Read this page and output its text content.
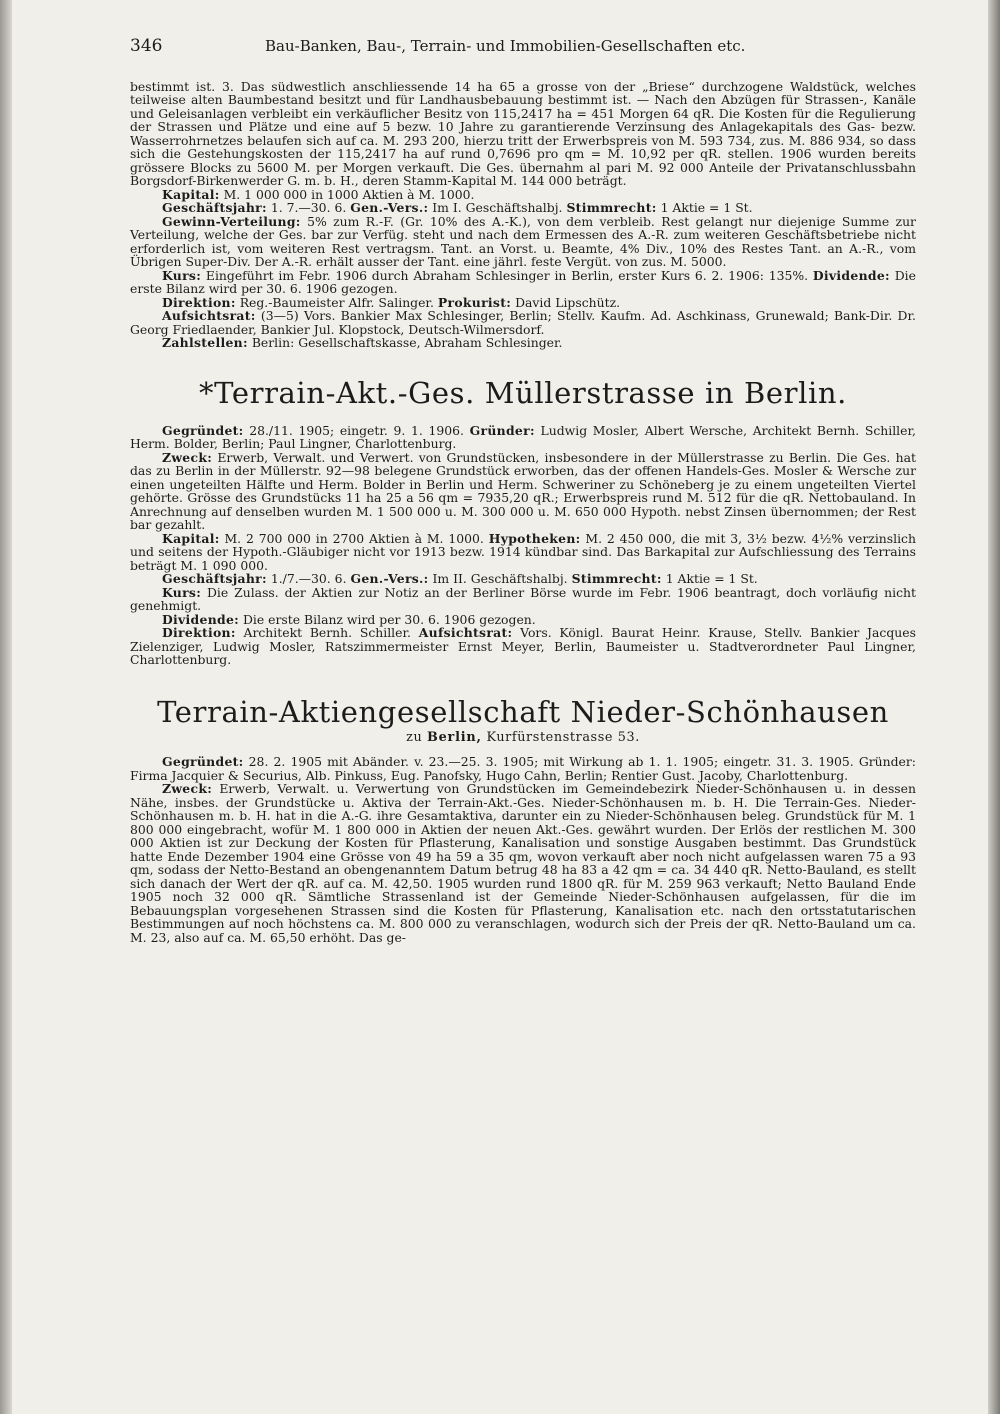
346	Bau-Banken, Bau-, Terrain- und Immobilien-Gesellschaften etc.

bestimmt ist. 3. Das südwestlich anschliessende 14 ha 65 a grosse von der „Briese“ durchzogene Waldstück, welches teilweise alten Baumbestand besitzt und für Landhausbebauung bestimmt ist. — Nach den Abzügen für Strassen-, Kanäle und Geleisanlagen verbleibt ein verkäuflicher Besitz von 115,2417 ha = 451 Morgen 64 qR. Die Kosten für die Regulierung der Strassen und Plätze und eine auf 5 bezw. 10 Jahre zu garantierende Verzinsung des Anlagekapitals des Gas- bezw. Wasserrohrnetzes belaufen sich auf ca. M. 293 200, hierzu tritt der Erwerbspreis von M. 593 734, zus. M. 886 934, so dass sich die Gestehungskosten der 115,2417 ha auf rund 0,7696 pro qm = M. 10,92 per qR. stellen. 1906 wurden bereits grössere Blocks zu 5600 M. per Morgen verkauft. Die Ges. übernahm al pari M. 92 000 Anteile der Privatanschlussbahn Borgsdorf-Birkenwerder G. m. b. H., deren Stamm-Kapital M. 144 000 beträgt.

Kapital: M. 1 000 000 in 1000 Aktien à M. 1000.

Geschäftsjahr: 1. 7.—30. 6. Gen.-Vers.: Im I. Geschäftshalbj. Stimmrecht: 1 Aktie = 1 St.

Gewinn-Verteilung: 5% zum R.-F. (Gr. 10% des A.-K.), von dem verbleib. Rest gelangt nur diejenige Summe zur Verteilung, welche der Ges. bar zur Verfüg. steht und nach dem Ermessen des A.-R. zum weiteren Geschäftsbetriebe nicht erforderlich ist, vom weiteren Rest vertragsm. Tant. an Vorst. u. Beamte, 4% Div., 10% des Restes Tant. an A.-R., vom Übrigen Super-Div. Der A.-R. erhält ausser der Tant. eine jährl. feste Vergüt. von zus. M. 5000.

Kurs: Eingeführt im Febr. 1906 durch Abraham Schlesinger in Berlin, erster Kurs 6. 2. 1906: 135%. Dividende: Die erste Bilanz wird per 30. 6. 1906 gezogen.

Direktion: Reg.-Baumeister Alfr. Salinger. Prokurist: David Lipschütz.

Aufsichtsrat: (3—5) Vors. Bankier Max Schlesinger, Berlin; Stellv. Kaufm. Ad. Aschkinass, Grunewald; Bank-Dir. Dr. Georg Friedlaender, Bankier Jul. Klopstock, Deutsch-Wilmersdorf.

Zahlstellen: Berlin: Gesellschaftskasse, Abraham Schlesinger.

*Terrain-Akt.-Ges. Müllerstrasse in Berlin.

Gegründet: 28./11. 1905; eingetr. 9. 1. 1906. Gründer: Ludwig Mosler, Albert Wersche, Architekt Bernh. Schiller, Herm. Bolder, Berlin; Paul Lingner, Charlottenburg.

Zweck: Erwerb, Verwalt. und Verwert. von Grundstücken, insbesondere in der Müllerstrasse zu Berlin. Die Ges. hat das zu Berlin in der Müllerstr. 92—98 belegene Grundstück erworben, das der offenen Handels-Ges. Mosler & Wersche zur einen ungeteilten Hälfte und Herm. Bolder in Berlin und Herm. Schweriner zu Schöneberg je zu einem ungeteilten Viertel gehörte. Grösse des Grundstücks 11 ha 25 a 56 qm = 7935,20 qR.; Erwerbspreis rund M. 512 für die qR. Nettobauland. In Anrechnung auf denselben wurden M. 1 500 000 u. M. 300 000 u. M. 650 000 Hypoth. nebst Zinsen übernommen; der Rest bar gezahlt.

Kapital: M. 2 700 000 in 2700 Aktien à M. 1000. Hypotheken: M. 2 450 000, die mit 3, 3½ bezw. 4½% verzinslich und seitens der Hypoth.-Gläubiger nicht vor 1913 bezw. 1914 kündbar sind. Das Barkapital zur Aufschliessung des Terrains beträgt M. 1 090 000.

Geschäftsjahr: 1./7.—30. 6. Gen.-Vers.: Im II. Geschäftshalbj. Stimmrecht: 1 Aktie = 1 St.

Kurs: Die Zulass. der Aktien zur Notiz an der Berliner Börse wurde im Febr. 1906 beantragt, doch vorläufig nicht genehmigt.

Dividende: Die erste Bilanz wird per 30. 6. 1906 gezogen.

Direktion: Architekt Bernh. Schiller. Aufsichtsrat: Vors. Königl. Baurat Heinr. Krause, Stellv. Bankier Jacques Zielenziger, Ludwig Mosler, Ratszimmermeister Ernst Meyer, Berlin, Baumeister u. Stadtverordneter Paul Lingner, Charlottenburg.

Terrain-Aktiengesellschaft Nieder-Schönhausen
zu Berlin, Kurfürstenstrasse 53.

Gegründet: 28. 2. 1905 mit Abänder. v. 23.—25. 3. 1905; mit Wirkung ab 1. 1. 1905; eingetr. 31. 3. 1905. Gründer: Firma Jacquier & Securius, Alb. Pinkuss, Eug. Panofsky, Hugo Cahn, Berlin; Rentier Gust. Jacoby, Charlottenburg.

Zweck: Erwerb, Verwalt. u. Verwertung von Grundstücken im Gemeindebezirk Nieder-Schönhausen u. in dessen Nähe, insbes. der Grundstücke u. Aktiva der Terrain-Akt.-Ges. Nieder-Schönhausen m. b. H. Die Terrain-Ges. Nieder-Schönhausen m. b. H. hat in die A.-G. ihre Gesamtaktiva, darunter ein zu Nieder-Schönhausen beleg. Grundstück für M. 1 800 000 eingebracht, wofür M. 1 800 000 in Aktien der neuen Akt.-Ges. gewährt wurden. Der Erlös der restlichen M. 300 000 Aktien ist zur Deckung der Kosten für Pflasterung, Kanalisation und sonstige Ausgaben bestimmt. Das Grundstück hatte Ende Dezember 1904 eine Grösse von 49 ha 59 a 35 qm, wovon verkauft aber noch nicht aufgelassen waren 75 a 93 qm, sodass der Netto-Bestand an obengenanntem Datum betrug 48 ha 83 a 42 qm = ca. 34 440 qR. Netto-Bauland, es stellt sich danach der Wert der qR. auf ca. M. 42,50. 1905 wurden rund 1800 qR. für M. 259 963 verkauft; Netto Bauland Ende 1905 noch 32 000 qR. Sämtliche Strassenland ist der Gemeinde Nieder-Schönhausen aufgelassen, für die im Bebauungsplan vorgesehenen Strassen sind die Kosten für Pflasterung, Kanalisation etc. nach den ortsstatutarischen Bestimmungen auf noch höchstens ca. M. 800 000 zu veranschlagen, wodurch sich der Preis der qR. Netto-Bauland um ca. M. 23, also auf ca. M. 65,50 erhöht. Das ge-
